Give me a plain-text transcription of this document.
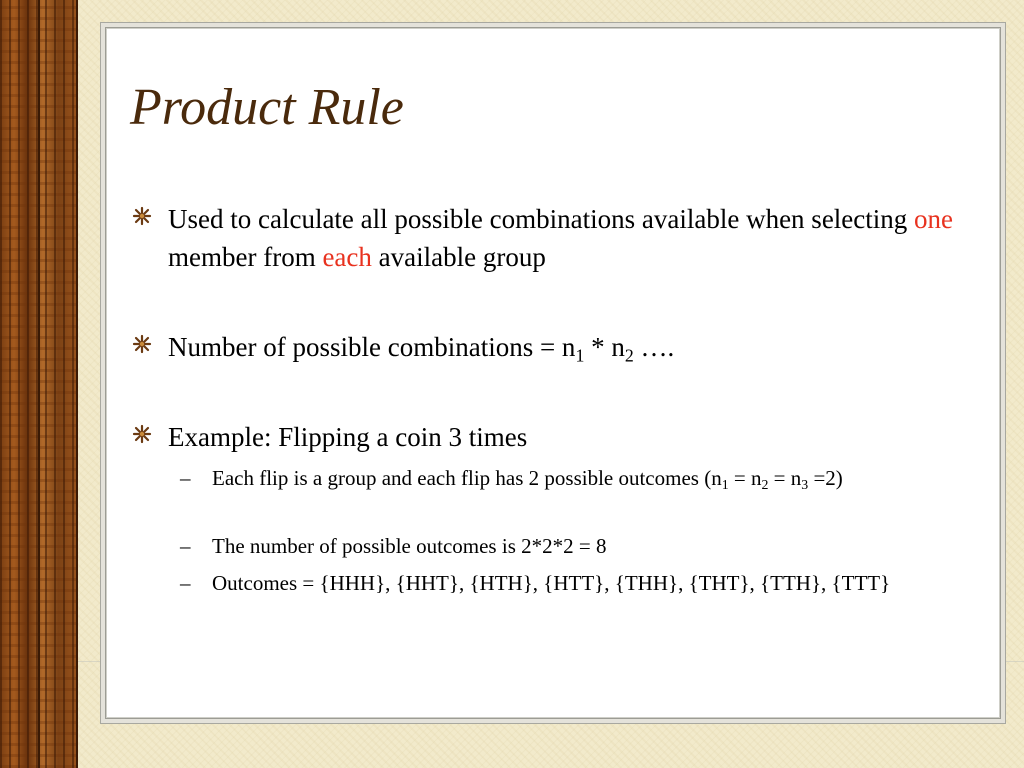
Product Rule
Used to calculate all possible combinations available when selecting one member from each available group
Number of possible combinations = $n_1 * n_2$ ….
Example: Flipping a coin 3 times
– Each flip is a group and each flip has 2 possible outcomes $(n_1 = n_2 = n_3 =2)$
– The number of possible outcomes is 2*2*2 = 8
– Outcomes = {HHH}, {HHT}, {HTH}, {HTT}, {THH}, {THT}, {TTH}, {TTT}
